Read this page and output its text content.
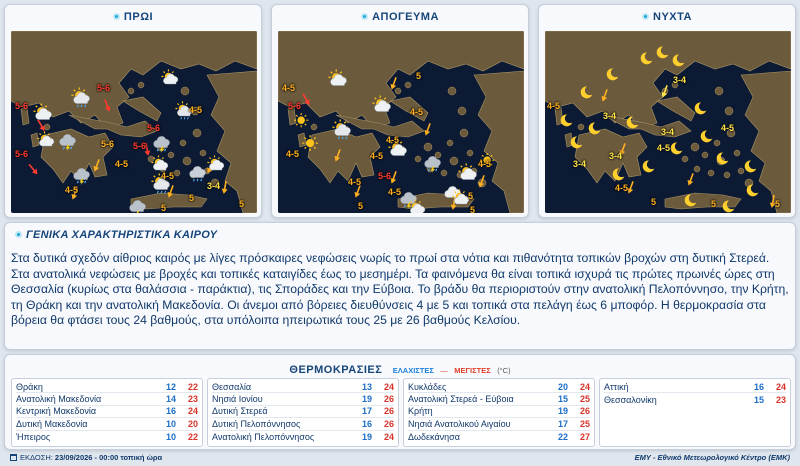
ΠΡΩΙ
5-6
5-6
5-6
5-6
4-5
4-5
5-6
5-6
4-5
5	5
4-5
5
3-4
ΑΠΟΓΕΥΜΑ
4-5
5-6
4-5	4-5
4-5
5-6
5
4-5
4-5
4-5	5
5
4-5
5
ΝΥΧΤΑ
4-5
3-4
3-4
4-5
3-4
3-4
3-4
4-5
4-5
5	5	5
ΓΕΝΙΚΑ ΧΑΡΑΚΤΗΡΙΣΤΙΚΑ ΚΑΙΡΟΥ
Στα δυτικά σχεδόν αίθριος καιρός με λίγες πρόσκαιρες νεφώσεις νωρίς το πρωί στα νότια και πιθανότητα τοπικών βροχών στη δυτική Στερεά. Στα ανατολικά νεφώσεις με βροχές και τοπικές καταιγίδες έως το μεσημέρι. Τα φαινόμενα θα είναι τοπικά ισχυρά τις πρώτες πρωινές ώρες στη Θεσσαλία (κυρίως στα θαλάσσια - παράκτια), τις Σποράδες και την Εύβοια. Το βράδυ θα περιοριστούν στην ανατολική Πελοπόννησο, την Κρήτη, τη Θράκη και την ανατολική Μακεδονία. Οι άνεμοι από βόρειες διευθύνσεις 4 με 5 και τοπικά στα πελάγη έως 6 μποφόρ. Η θερμοκρασία στα βόρεια θα φτάσει τους 24 βαθμούς, στα υπόλοιπα ηπειρωτικά τους 25 με 26 βαθμούς Κελσίου.
ΘΕΡΜΟΚΡΑΣΙΕΣ ΕΛΑΧΙΣΤΕΣ — ΜΕΓΙΣΤΕΣ (°C)
Θράκη	12	22
Ανατολική Μακεδονία	14	23
Κεντρική Μακεδονία	16	24
Δυτική Μακεδονία	10	20
Ήπειρος	10	22
Θεσσαλία	13	24
Νησιά Ιονίου	19	26
Δυτική Στερεά	17	26
Δυτική Πελοπόννησος	16	26
Ανατολική Πελοπόννησος	19	24
Κυκλάδες	20	24
Ανατολική Στερεά - Εύβοια	15	25
Κρήτη	19	26
Νησιά Ανατολικού Αιγαίου	17	25
Δωδεκάνησα	22	27
Αττική	16	24
Θεσσαλονίκη	15	23
ΕΚΔΟΣΗ: 23/09/2026 - 00:00 τοπική ώρα	ΕΜΥ - Εθνικό Μετεωρολογικό Κέντρο (ΕΜΚ)
